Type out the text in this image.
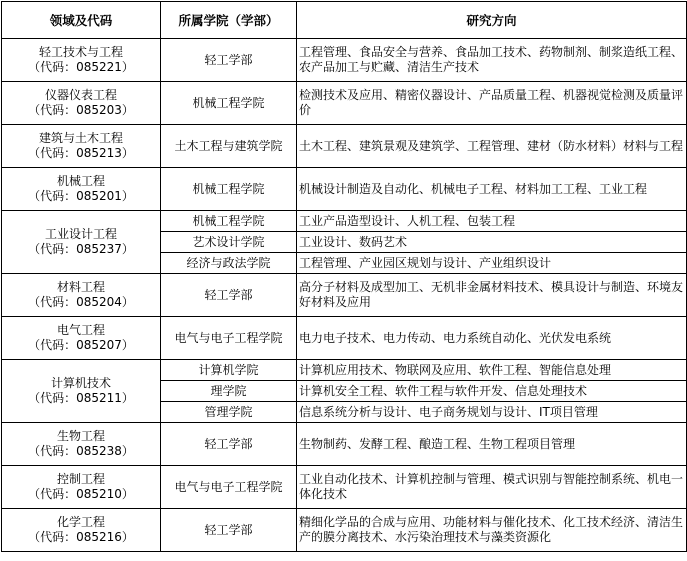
领域及代码	所属学院（学部）	研究方向

轻工技术与工程
（代码：085221）	轻工学部	工程管理、食品安全与营养、食品加工技术、药物制剂、制浆造纸工程、农产品加工与贮藏、清洁生产技术

仪器仪表工程
（代码：085203）	机械工程学院	检测技术及应用、精密仪器设计、产品质量工程、机器视觉检测及质量评价

建筑与土木工程
（代码：085213）	土木工程与建筑学院	土木工程、建筑景观及建筑学、工程管理、建材（防水材料）材料与工程

机械工程
（代码：085201）	机械工程学院	机械设计制造及自动化、机械电子工程、材料加工工程、工业工程

工业设计工程
（代码：085237）	机械工程学院	工业产品造型设计、人机工程、包装工程
	艺术设计学院	工业设计、数码艺术
	经济与政法学院	工程管理、产业园区规划与设计、产业组织设计

材料工程
（代码：085204）	轻工学部	高分子材料及成型加工、无机非金属材料技术、模具设计与制造、环境友好材料及应用

电气工程
（代码：085207）	电气与电子工程学院	电力电子技术、电力传动、电力系统自动化、光伏发电系统

计算机技术
（代码：085211）	计算机学院	计算机应用技术、物联网及应用、软件工程、智能信息处理
	理学院	计算机安全工程、软件工程与软件开发、信息处理技术
	管理学院	信息系统分析与设计、电子商务规划与设计、IT项目管理

生物工程
（代码：085238）	轻工学部	生物制药、发酵工程、酿造工程、生物工程项目管理

控制工程
（代码：085210）	电气与电子工程学院	工业自动化技术、计算机控制与管理、模式识别与智能控制系统、机电一体化技术

化学工程
（代码：085216）	轻工学部	精细化学品的合成与应用、功能材料与催化技术、化工技术经济、清洁生产的膜分离技术、水污染治理技术与藻类资源化
